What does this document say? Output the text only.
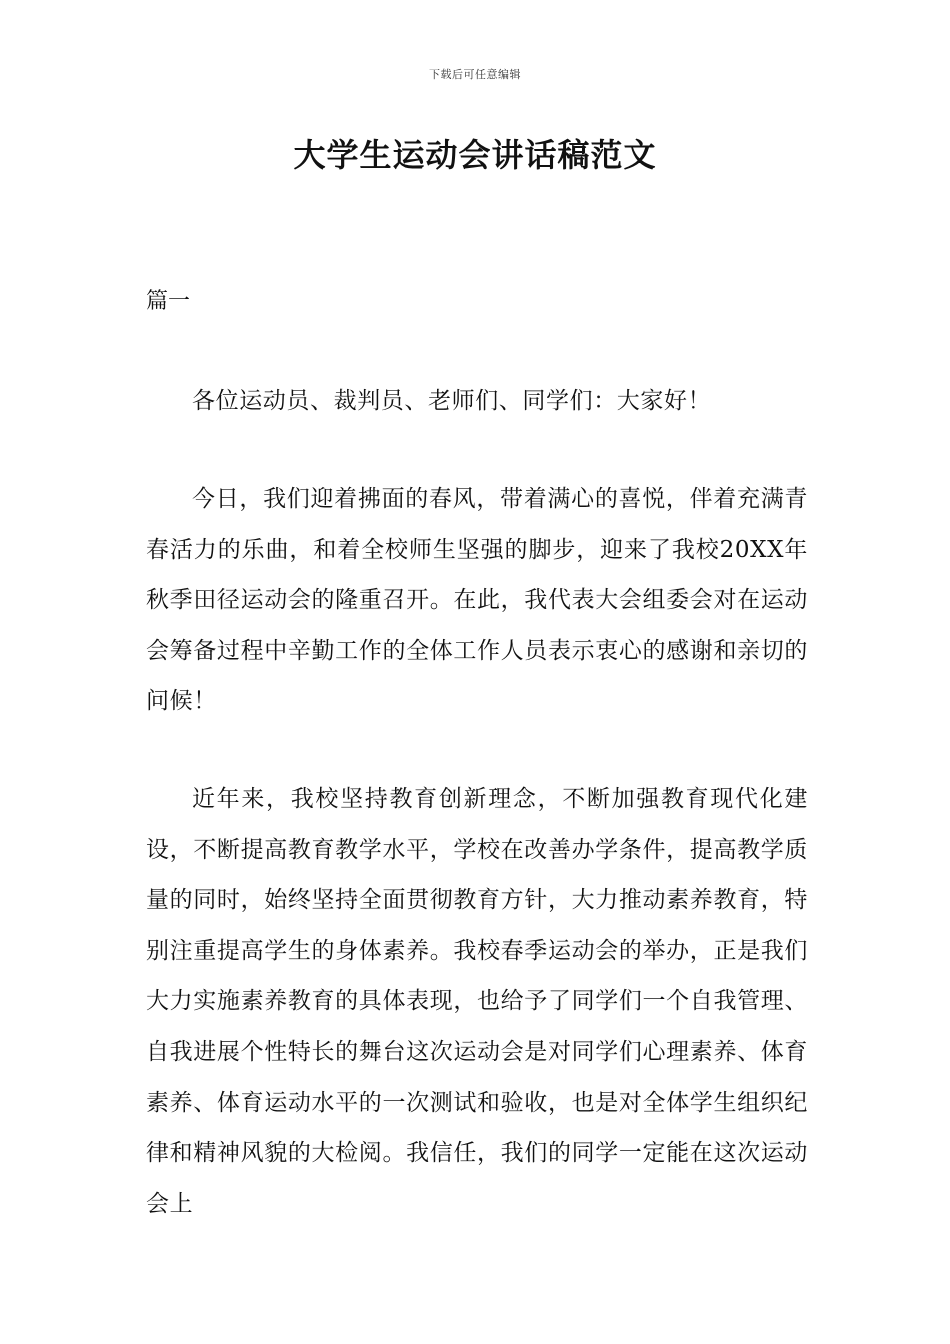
下载后可任意编辑
大学生运动会讲话稿范文
篇一

各位运动员、裁判员、老师们、同学们：大家好！

今日，我们迎着拂面的春风，带着满心的喜悦，伴着充满青春活力的乐曲，和着全校师生坚强的脚步，迎来了我校20XX年秋季田径运动会的隆重召开。在此，我代表大会组委会对在运动会筹备过程中辛勤工作的全体工作人员表示衷心的感谢和亲切的问候！

近年来，我校坚持教育创新理念，不断加强教育现代化建设，不断提高教育教学水平，学校在改善办学条件，提高教学质量的同时，始终坚持全面贯彻教育方针，大力推动素养教育，特别注重提高学生的身体素养。我校春季运动会的举办，正是我们大力实施素养教育的具体表现，也给予了同学们一个自我管理、自我进展个性特长的舞台这次运动会是对同学们心理素养、体育素养、体育运动水平的一次测试和验收，也是对全体学生组织纪律和精神风貌的大检阅。我信任，我们的同学一定能在这次运动会上
